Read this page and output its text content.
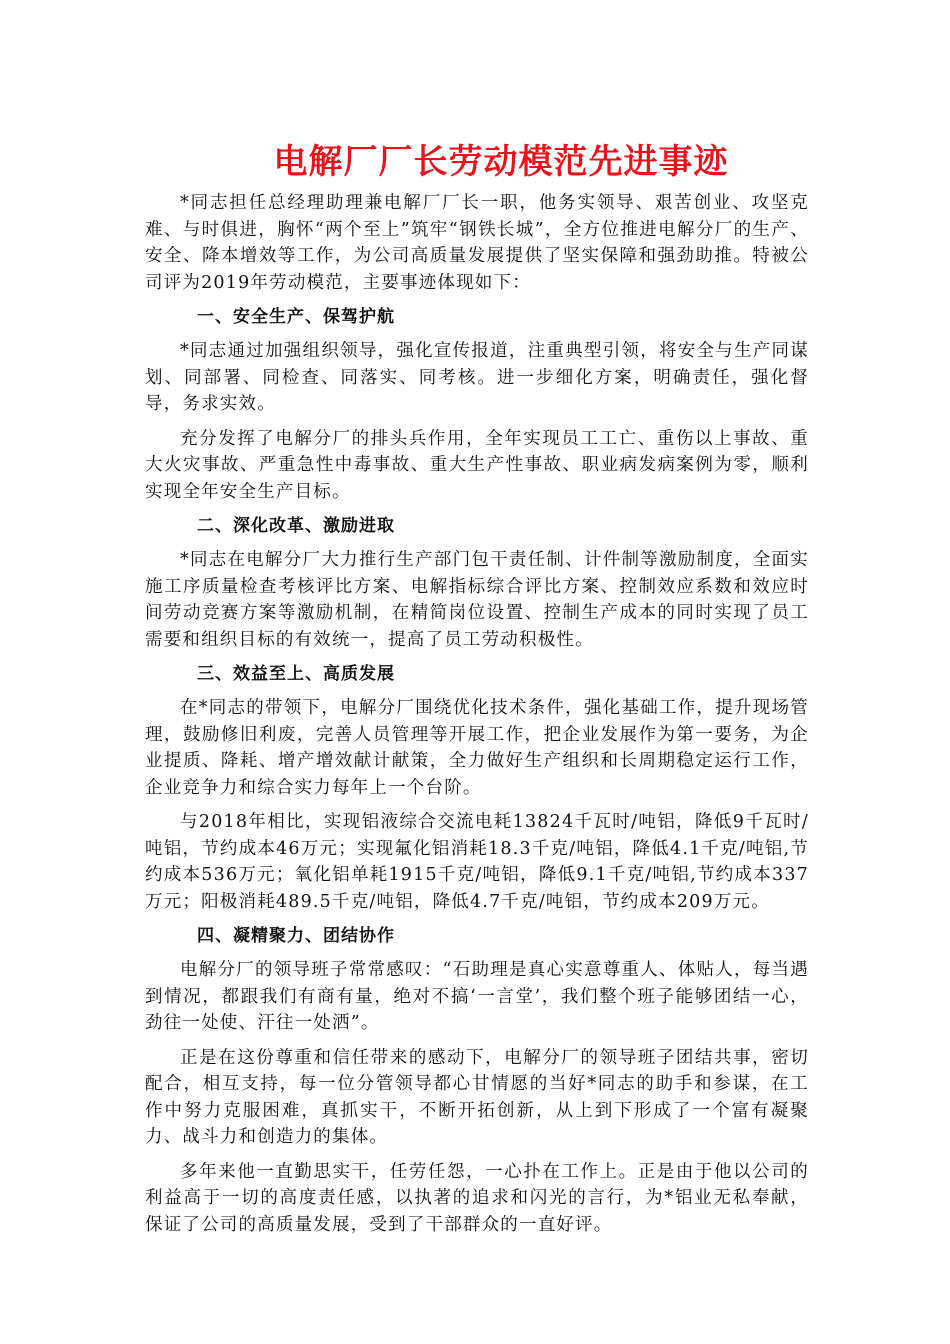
电解厂厂长劳动模范先进事迹

*同志担任总经理助理兼电解厂厂长一职，他务实领导、艰苦创业、攻坚克难、与时俱进，胸怀“两个至上”筑牢“钢铁长城”，全方位推进电解分厂的生产、安全、降本增效等工作，为公司高质量发展提供了坚实保障和强劲助推。特被公司评为2019年劳动模范，主要事迹体现如下：

一、安全生产、保驾护航

*同志通过加强组织领导，强化宣传报道，注重典型引领，将安全与生产同谋划、同部署、同检查、同落实、同考核。进一步细化方案，明确责任，强化督导，务求实效。

充分发挥了电解分厂的排头兵作用，全年实现员工工亡、重伤以上事故、重大火灾事故、严重急性中毒事故、重大生产性事故、职业病发病案例为零，顺利实现全年安全生产目标。

二、深化改革、激励进取

*同志在电解分厂大力推行生产部门包干责任制、计件制等激励制度，全面实施工序质量检查考核评比方案、电解指标综合评比方案、控制效应系数和效应时间劳动竞赛方案等激励机制，在精简岗位设置、控制生产成本的同时实现了员工需要和组织目标的有效统一，提高了员工劳动积极性。

三、效益至上、高质发展

在*同志的带领下，电解分厂围绕优化技术条件，强化基础工作，提升现场管理，鼓励修旧利废，完善人员管理等开展工作，把企业发展作为第一要务，为企业提质、降耗、增产增效献计献策，全力做好生产组织和长周期稳定运行工作，企业竞争力和综合实力每年上一个台阶。

与2018年相比，实现铝液综合交流电耗13824千瓦时/吨铝，降低9千瓦时/吨铝，节约成本46万元；实现氟化铝消耗18.3千克/吨铝，降低4.1千克/吨铝,节约成本536万元；氧化铝单耗1915千克/吨铝，降低9.1千克/吨铝,节约成本337万元；阳极消耗489.5千克/吨铝，降低4.7千克/吨铝，节约成本209万元。

四、凝精聚力、团结协作

电解分厂的领导班子常常感叹：“石助理是真心实意尊重人、体贴人，每当遇到情况，都跟我们有商有量，绝对不搞‘一言堂’，我们整个班子能够团结一心，劲往一处使、汗往一处洒”。

正是在这份尊重和信任带来的感动下，电解分厂的领导班子团结共事，密切配合，相互支持，每一位分管领导都心甘情愿的当好*同志的助手和参谋，在工作中努力克服困难，真抓实干，不断开拓创新，从上到下形成了一个富有凝聚力、战斗力和创造力的集体。

多年来他一直勤思实干，任劳任怨，一心扑在工作上。正是由于他以公司的利益高于一切的高度责任感，以执著的追求和闪光的言行，为*铝业无私奉献，保证了公司的高质量发展，受到了干部群众的一直好评。
